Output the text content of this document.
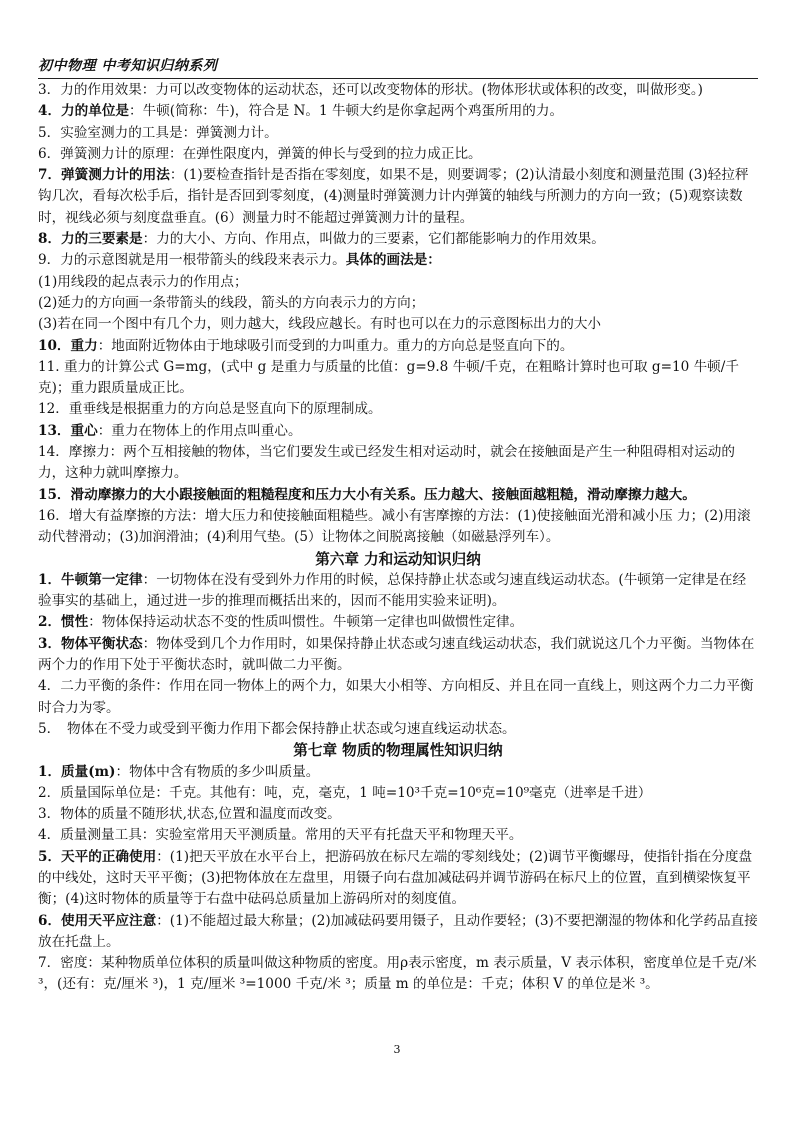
初中物理 中考知识归纳系列

3．力的作用效果：力可以改变物体的运动状态，还可以改变物体的形状。(物体形状或体积的改变，叫做形变。)

4．力的单位是：牛顿(简称：牛)，符合是 N。1 牛顿大约是你拿起两个鸡蛋所用的力。

5．实验室测力的工具是：弹簧测力计。

6．弹簧测力计的原理：在弹性限度内，弹簧的伸长与受到的拉力成正比。

7．弹簧测力计的用法：(1)要检查指针是否指在零刻度，如果不是，则要调零；(2)认清最小刻度和测量范围 (3)轻拉秤钩几次，看每次松手后，指针是否回到零刻度，(4)测量时弹簧测力计内弹簧的轴线与所测力的方向一致；(5)观察读数时，视线必须与刻度盘垂直。(6）测量力时不能超过弹簧测力计的量程。

8．力的三要素是：力的大小、方向、作用点，叫做力的三要素，它们都能影响力的作用效果。

9．力的示意图就是用一根带箭头的线段来表示力。具体的画法是：

(1)用线段的起点表示力的作用点；

(2)延力的方向画一条带箭头的线段，箭头的方向表示力的方向；

(3)若在同一个图中有几个力，则力越大，线段应越长。有时也可以在力的示意图标出力的大小

10．重力：地面附近物体由于地球吸引而受到的力叫重力。重力的方向总是竖直向下的。

11. 重力的计算公式 G=mg，(式中 g 是重力与质量的比值：g=9.8 牛顿/千克，在粗略计算时也可取 g=10 牛顿/千克)；重力跟质量成正比。

12．重垂线是根据重力的方向总是竖直向下的原理制成。

13．重心：重力在物体上的作用点叫重心。

14．摩擦力：两个互相接触的物体，当它们要发生或已经发生相对运动时，就会在接触面是产生一种阻碍相对运动的力，这种力就叫摩擦力。

15．滑动摩擦力的大小跟接触面的粗糙程度和压力大小有关系。压力越大、接触面越粗糙，滑动摩擦力越大。

16．增大有益摩擦的方法：增大压力和使接触面粗糙些。减小有害摩擦的方法：(1)使接触面光滑和减小压 力；(2)用滚动代替滑动；(3)加润滑油；(4)利用气垫。(5）让物体之间脱离接触（如磁悬浮列车）。

第六章 力和运动知识归纳

1．牛顿第一定律：一切物体在没有受到外力作用的时候，总保持静止状态或匀速直线运动状态。(牛顿第一定律是在经验事实的基础上，通过进一步的推理而概括出来的，因而不能用实验来证明)。

2．惯性：物体保持运动状态不变的性质叫惯性。牛顿第一定律也叫做惯性定律。

3．物体平衡状态：物体受到几个力作用时，如果保持静止状态或匀速直线运动状态，我们就说这几个力平衡。当物体在两个力的作用下处于平衡状态时，就叫做二力平衡。

4．二力平衡的条件：作用在同一物体上的两个力，如果大小相等、方向相反、并且在同一直线上，则这两个力二力平衡时合力为零。

5．　物体在不受力或受到平衡力作用下都会保持静止状态或匀速直线运动状态。

第七章 物质的物理属性知识归纳

1．质量(m)：物体中含有物质的多少叫质量。

2．质量国际单位是：千克。其他有：吨，克，毫克，1 吨=10³千克=10⁶克=10⁹毫克（进率是千进）

3．物体的质量不随形状,状态,位置和温度而改变。

4．质量测量工具：实验室常用天平测质量。常用的天平有托盘天平和物理天平。

5．天平的正确使用：(1)把天平放在水平台上，把游码放在标尺左端的零刻线处；(2)调节平衡螺母，使指针指在分度盘的中线处，这时天平平衡；(3)把物体放在左盘里，用镊子向右盘加减砝码并调节游码在标尺上的位置，直到横梁恢复平衡；(4)这时物体的质量等于右盘中砝码总质量加上游码所对的刻度值。

6．使用天平应注意：(1)不能超过最大称量；(2)加减砝码要用镊子，且动作要轻；(3)不要把潮湿的物体和化学药品直接放在托盘上。

7．密度：某种物质单位体积的质量叫做这种物质的密度。用ρ表示密度，m 表示质量，V 表示体积，密度单位是千克/米 ³，(还有：克/厘米 ³)，1 克/厘米 ³=1000 千克/米 ³；质量 m 的单位是：千克；体积 V 的单位是米 ³。

3
